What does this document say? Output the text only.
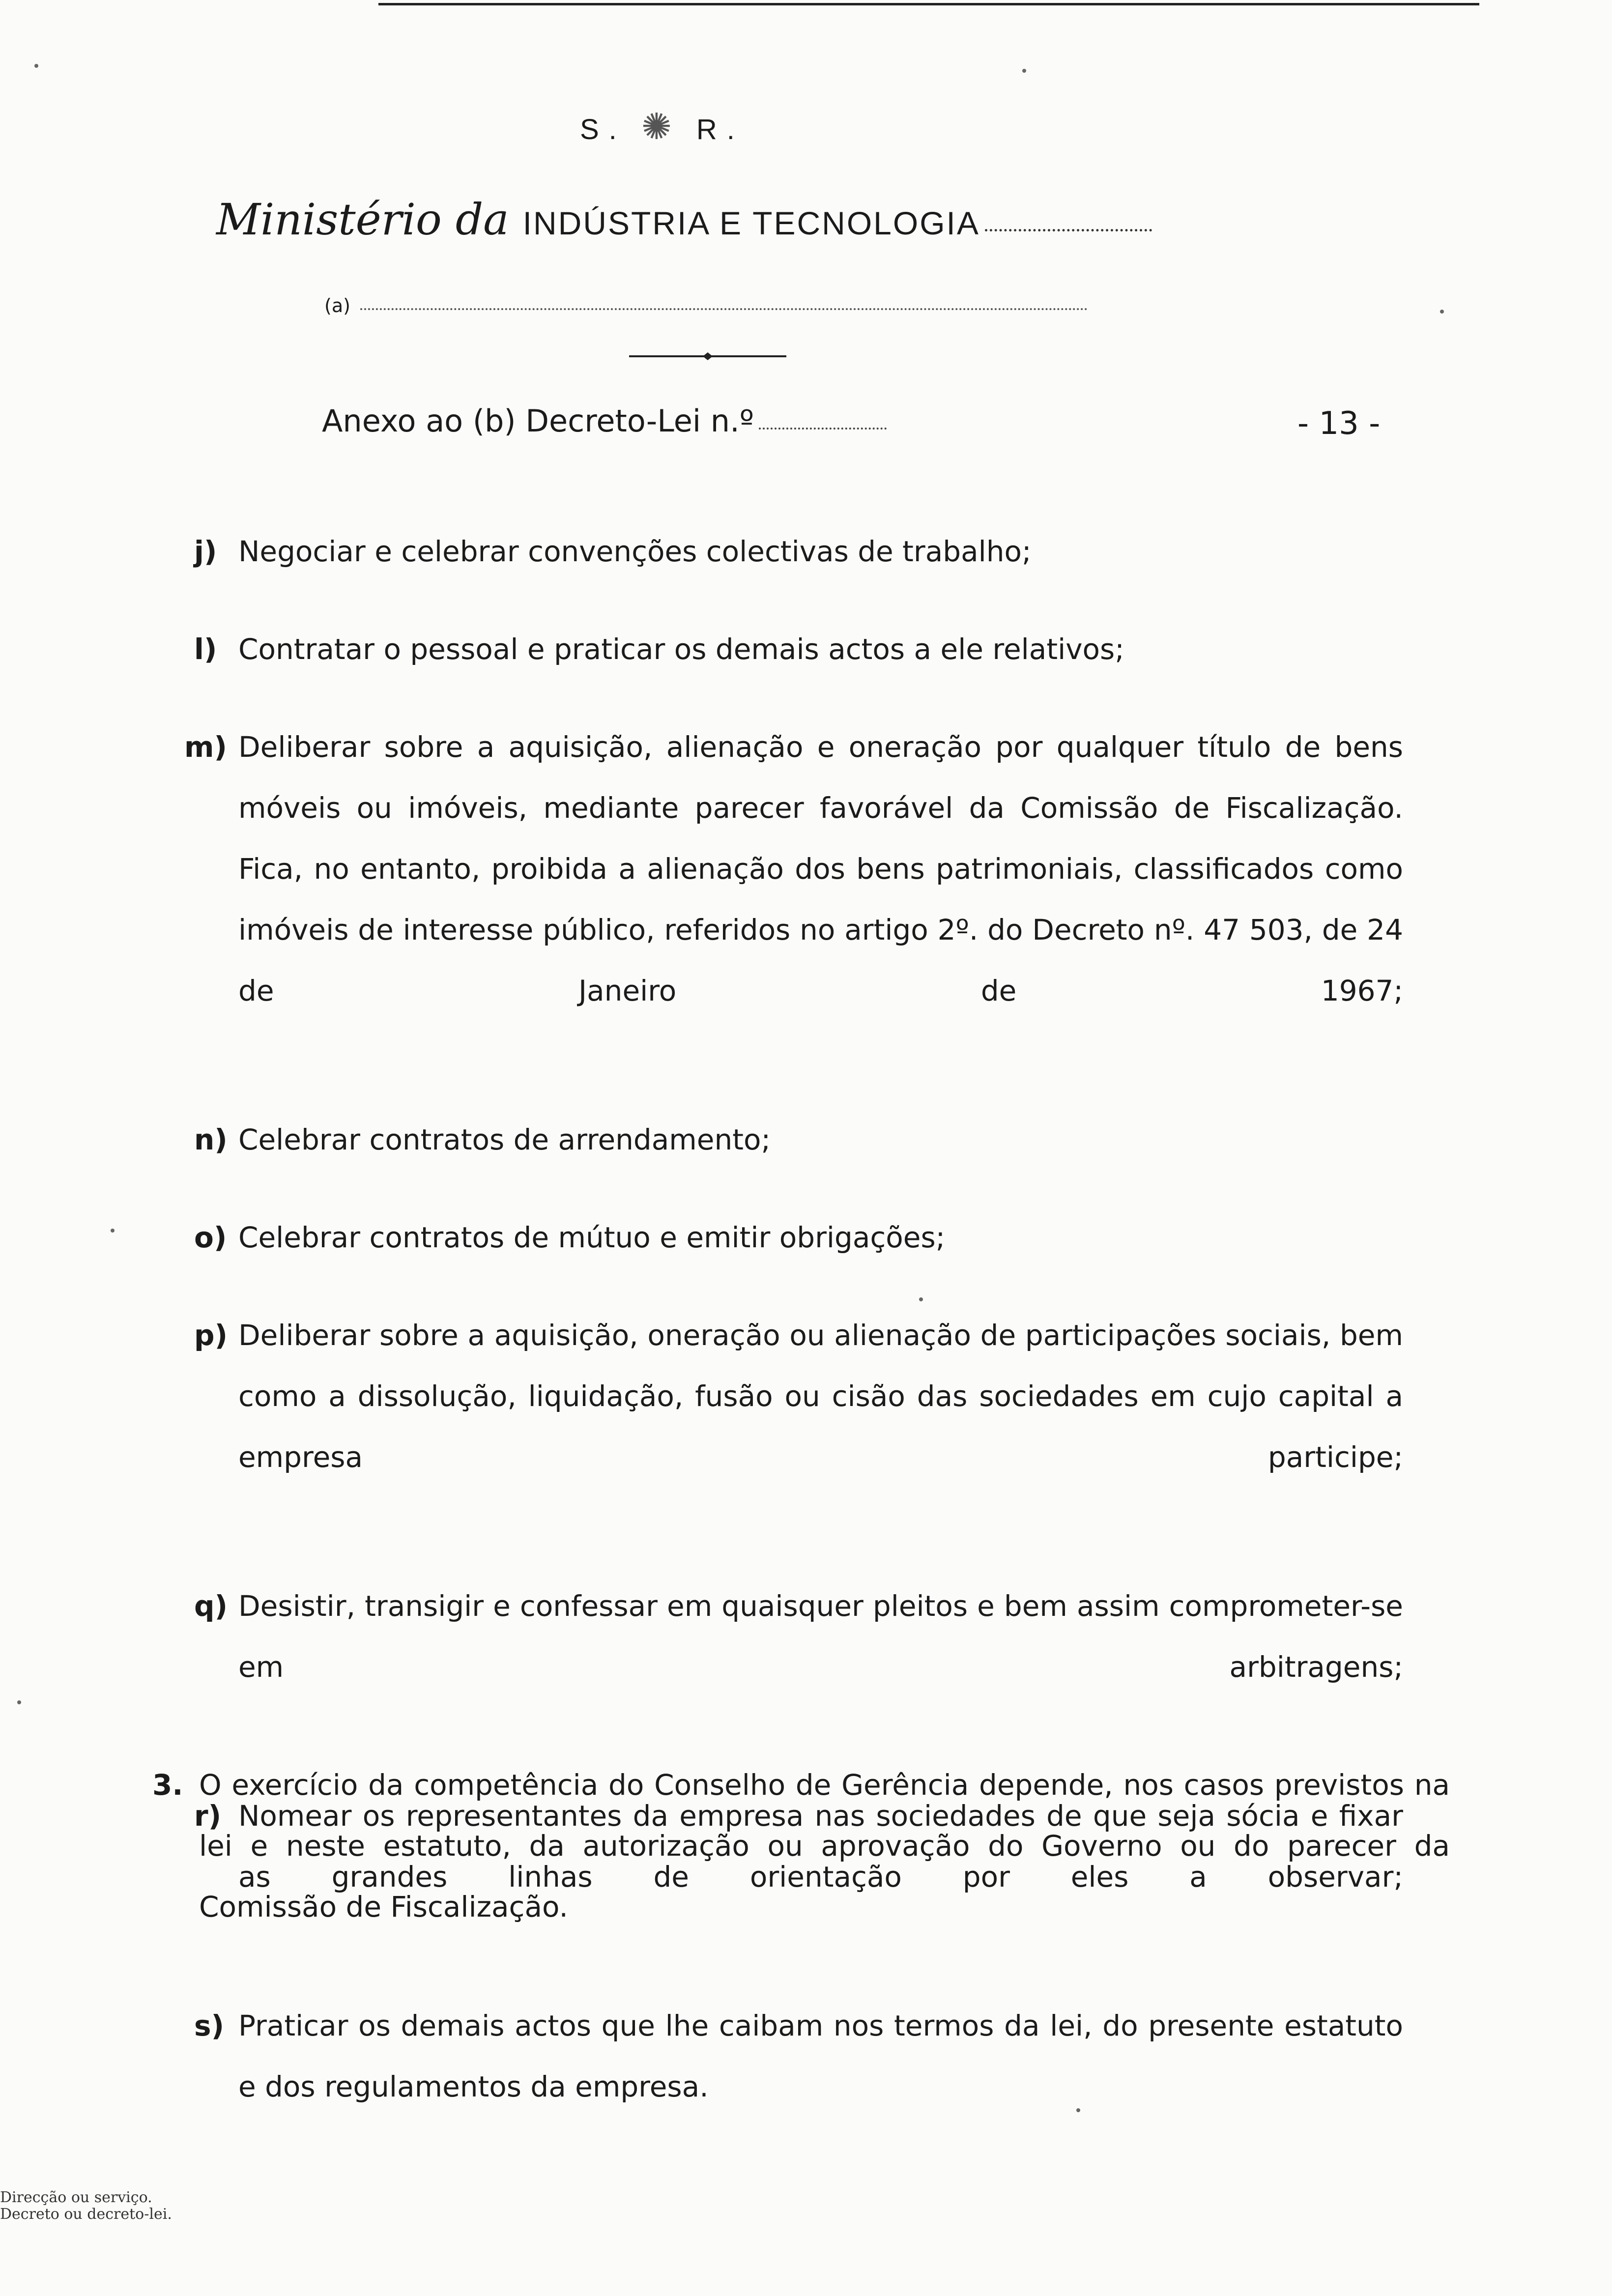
S. ✺ R.
Ministério da INDÚSTRIA E TECNOLOGIA
(a)
Anexo ao (b) Decreto-Lei n.º	- 13 -
j) Negociar e celebrar convenções colectivas de trabalho;
l) Contratar o pessoal e praticar os demais actos a ele relativos;
m) Deliberar sobre a aquisição, alienação e oneração por qualquer título de bens móveis ou imóveis, mediante parecer favorável da Comissão de Fiscalização. Fica, no entanto, proibida a alienação dos bens patrimoniais, classificados como imóveis de interesse público, referidos no artigo 2º. do Decreto nº. 47 503, de 24 de Janeiro de 1967;
n) Celebrar contratos de arrendamento;
o) Celebrar contratos de mútuo e emitir obrigações;
p) Deliberar sobre a aquisição, oneração ou alienação de participações sociais, bem como a dissolução, liquidação, fusão ou cisão das sociedades em cujo capital a empresa participe;
q) Desistir, transigir e confessar em quaisquer pleitos e bem assim comprometer-se em arbitragens;
r) Nomear os representantes da empresa nas sociedades de que seja sócia e fixar as grandes linhas de orientação por eles a observar;
s) Praticar os demais actos que lhe caibam nos termos da lei, do presente estatuto e dos regulamentos da empresa.
3. O exercício da competência do Conselho de Gerência depende, nos casos previstos na lei e neste estatuto, da autorização ou aprovação do Governo ou do parecer da Comissão de Fiscalização.
Direcção ou serviço.
Decreto ou decreto-lei.
